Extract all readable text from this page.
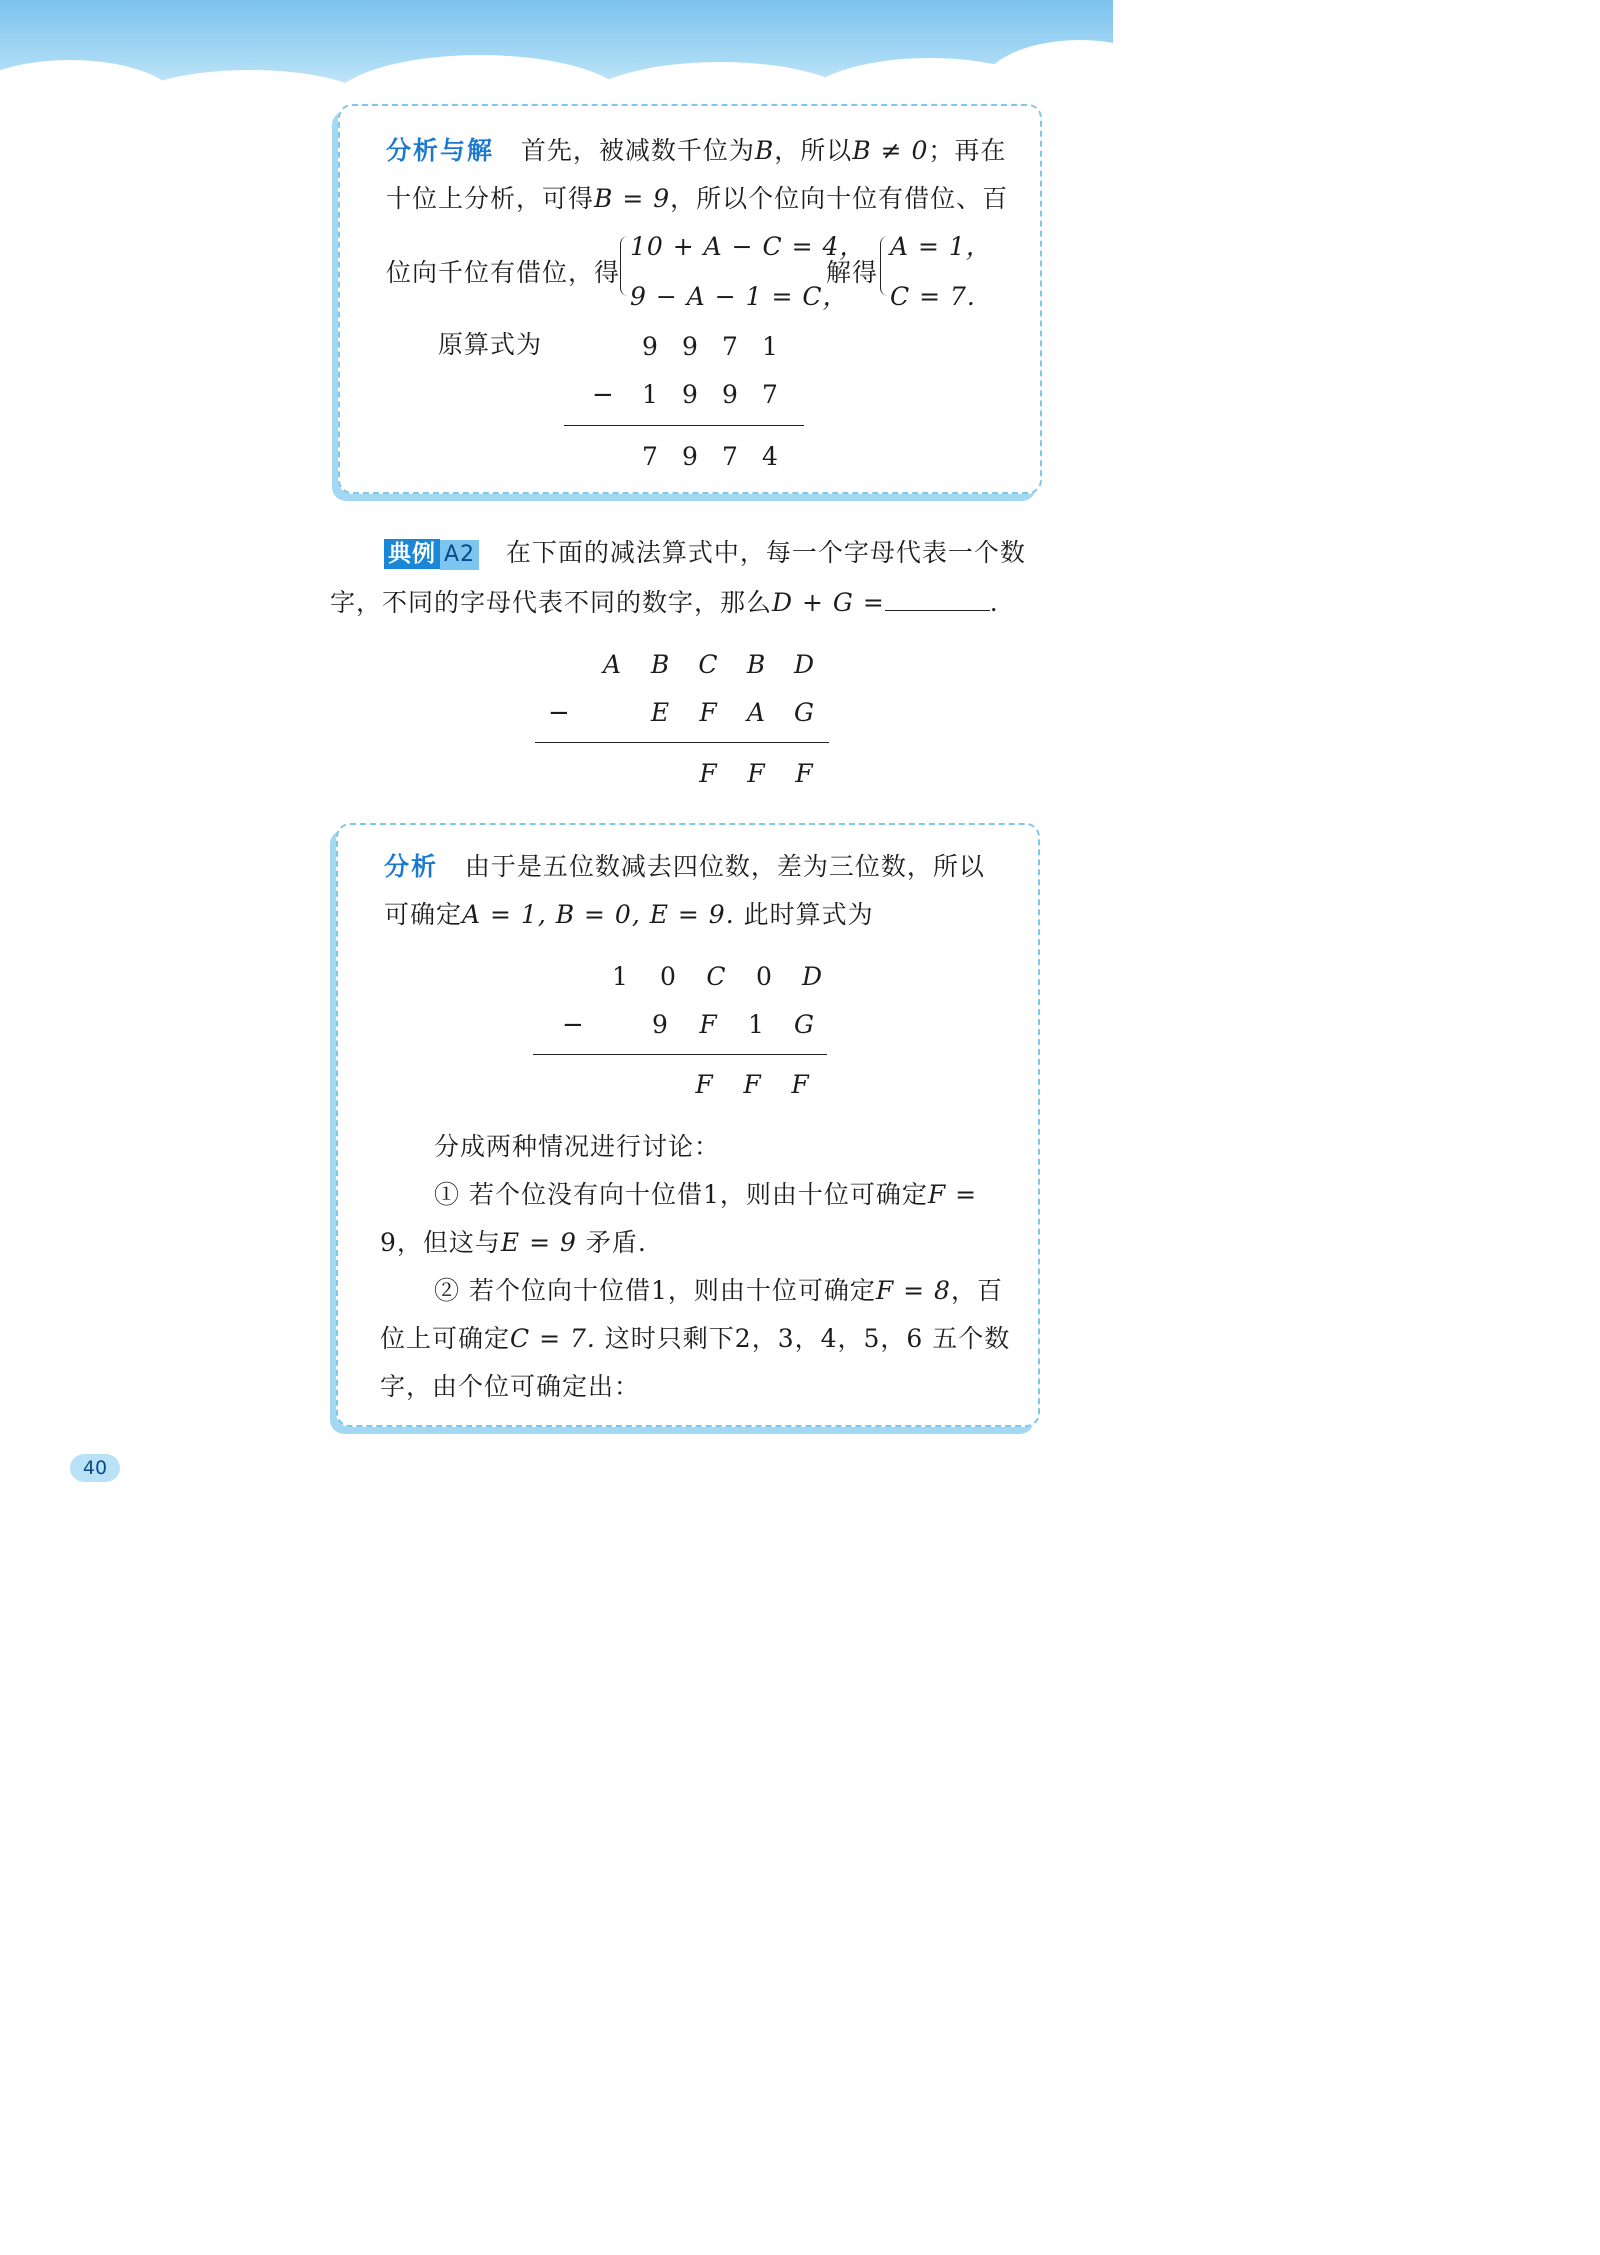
分析与解 首先，被减数千位为B，所以B ≠ 0；再在
十位上分析，可得B = 9，所以个位向十位有借位、百
位向千位有借位，得
10 + A − C = 4，
9 − A − 1 = C，
解得
A = 1，
C = 7.
原算式为	9 9 7 1
−	1 9 9 7
7 9 7 4
典例 A2 在下面的减法算式中，每一个字母代表一个数
字，不同的字母代表不同的数字，那么D + G =	.
A B C B D
−	E F A G
F F F
分析 由于是五位数减去四位数，差为三位数，所以
可确定A = 1, B = 0, E = 9. 此时算式为
1 0 C 0 D
−	9 F 1 G
F F F
分成两种情况进行讨论：
① 若个位没有向十位借1，则由十位可确定F =
9，但这与E = 9 矛盾.
② 若个位向十位借1，则由十位可确定F = 8，百
位上可确定C = 7. 这时只剩下2，3，4，5，6 五个数
字，由个位可确定出：
40
